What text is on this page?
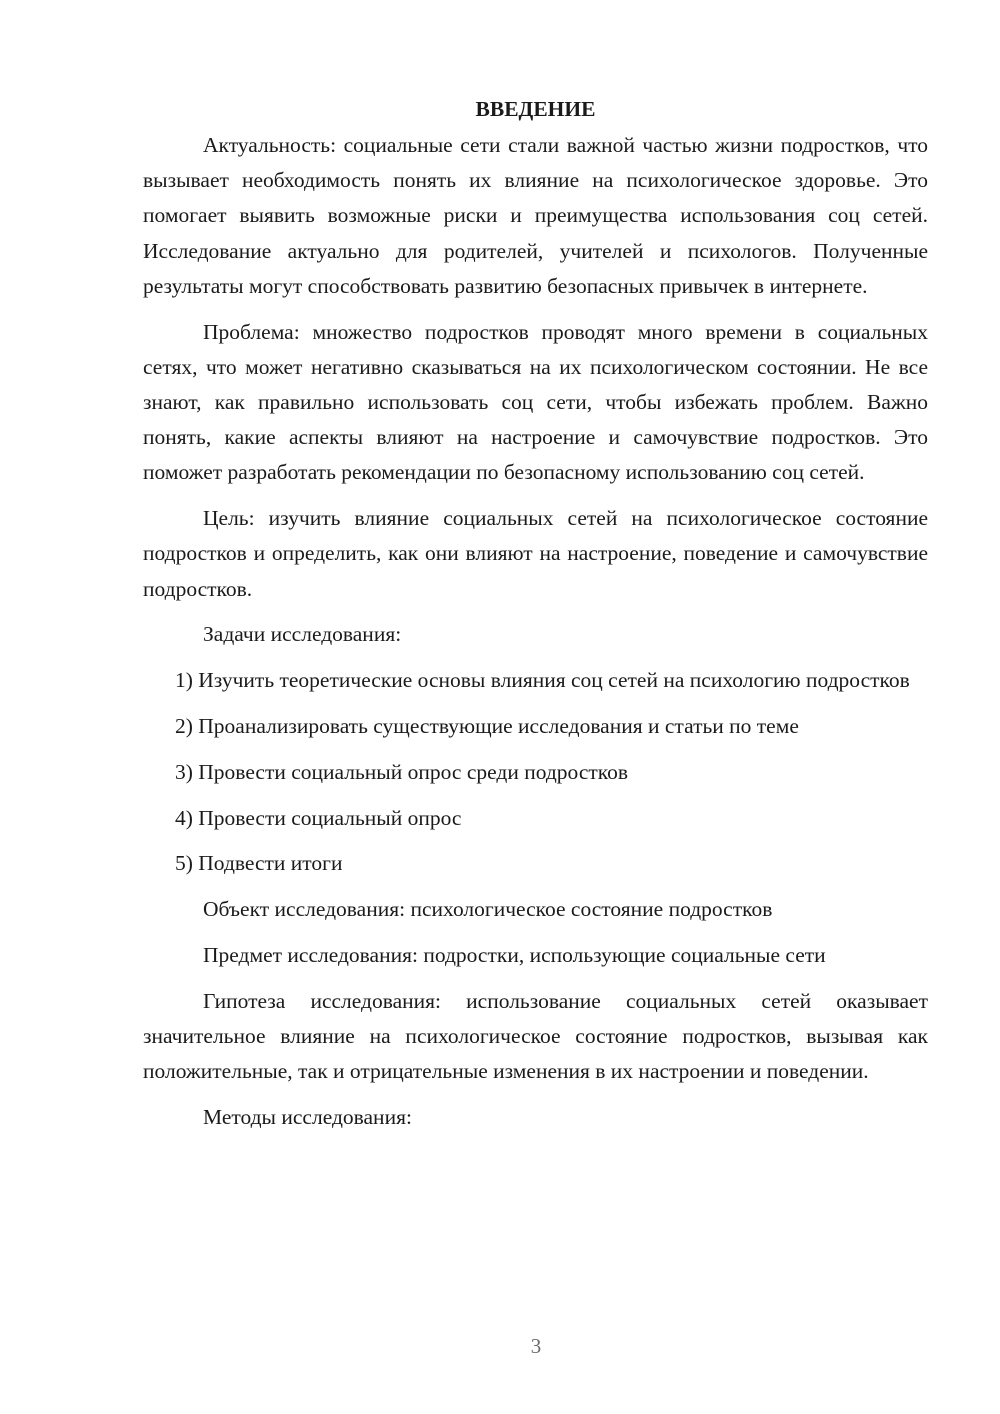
ВВЕДЕНИЕ

Актуальность: социальные сети стали важной частью жизни подростков, что вызывает необходимость понять их влияние на психологическое здоровье. Это помогает выявить возможные риски и преимущества использования соц сетей. Исследование актуально для родителей, учителей и психологов. Полученные результаты могут способствовать развитию безопасных привычек в интернете.

Проблема: множество подростков проводят много времени в социальных сетях, что может негативно сказываться на их психологическом состоянии. Не все знают, как правильно использовать соц сети, чтобы избежать проблем. Важно понять, какие аспекты влияют на настроение и самочувствие подростков. Это поможет разработать рекомендации по безопасному использованию соц сетей.

Цель: изучить влияние социальных сетей на психологическое состояние подростков и определить, как они влияют на настроение, поведение и самочувствие подростков.

Задачи исследования:

1) Изучить теоретические основы влияния соц сетей на психологию подростков

2) Проанализировать существующие исследования и статьи по теме

3) Провести социальный опрос среди подростков

4) Провести социальный опрос

5) Подвести итоги

Объект исследования: психологическое состояние подростков

Предмет исследования: подростки, использующие социальные сети

Гипотеза исследования: использование социальных сетей оказывает значительное влияние на психологическое состояние подростков, вызывая как положительные, так и отрицательные изменения в их настроении и поведении.

Методы исследования:

3
